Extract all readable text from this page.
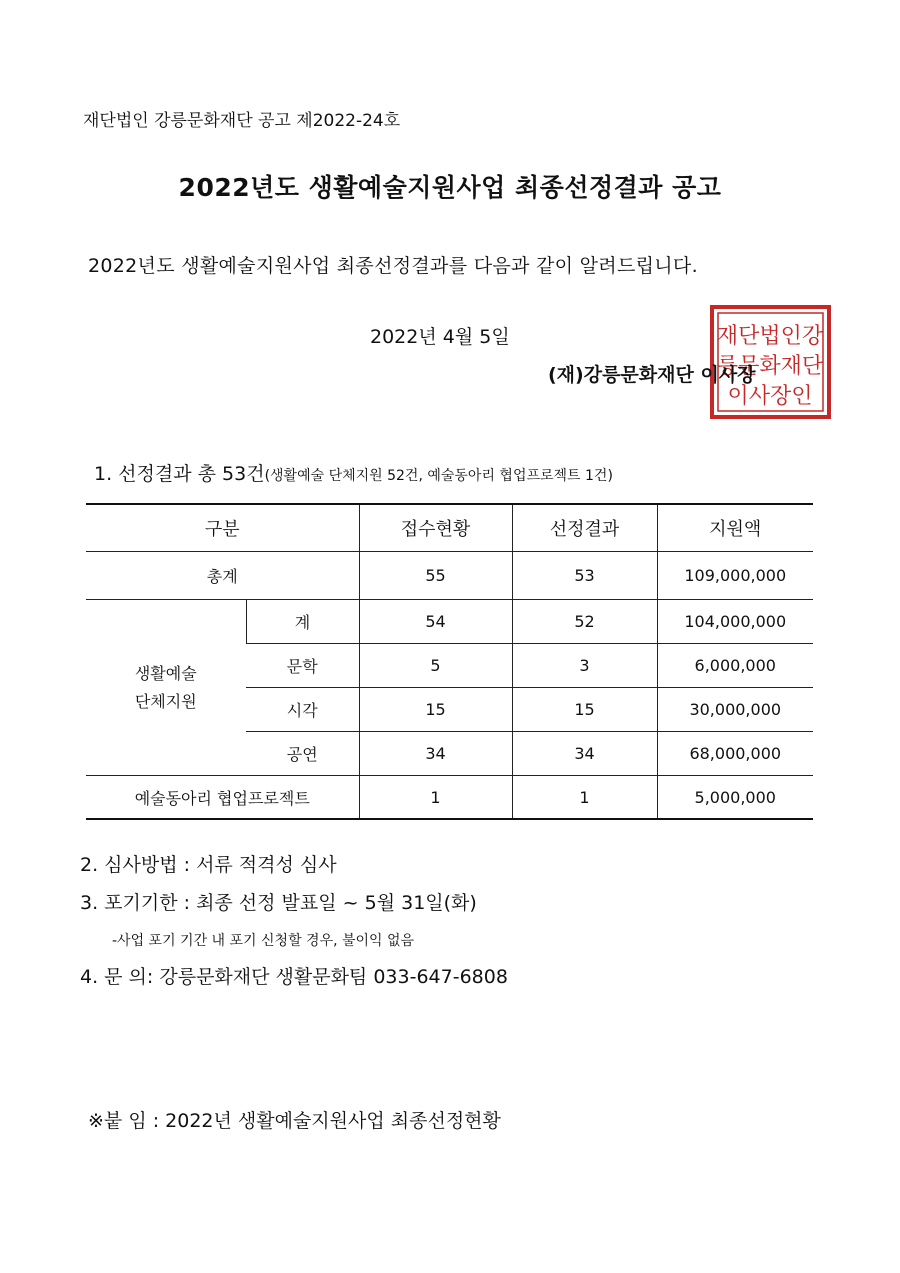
재단법인 강릉문화재단 공고 제2022-24호
2022년도 생활예술지원사업 최종선정결과 공고
2022년도 생활예술지원사업 최종선정결과를 다음과 같이 알려드립니다.
2022년 4월 5일	재단법인강
릉문화재단
이사장인
(재)강릉문화재단 이사장
1. 선정결과 총 53건(생활예술 단체지원 52건, 예술동아리 협업프로젝트 1건)
구분		접수현황	선정결과	지원액
총계		55	53	109,000,000
생활예술
단체지원	계	54	52	104,000,000
	문학	5	3	6,000,000
	시각	15	15	30,000,000
	공연	34	34	68,000,000
예술동아리 협업프로젝트		1	1	5,000,000
2. 심사방법 : 서류 적격성 심사
3. 포기기한 : 최종 선정 발표일 ~ 5월 31일(화)
-사업 포기 기간 내 포기 신청할 경우, 불이익 없음
4. 문 의: 강릉문화재단 생활문화팀 033-647-6808
※붙 임 : 2022년 생활예술지원사업 최종선정현황
